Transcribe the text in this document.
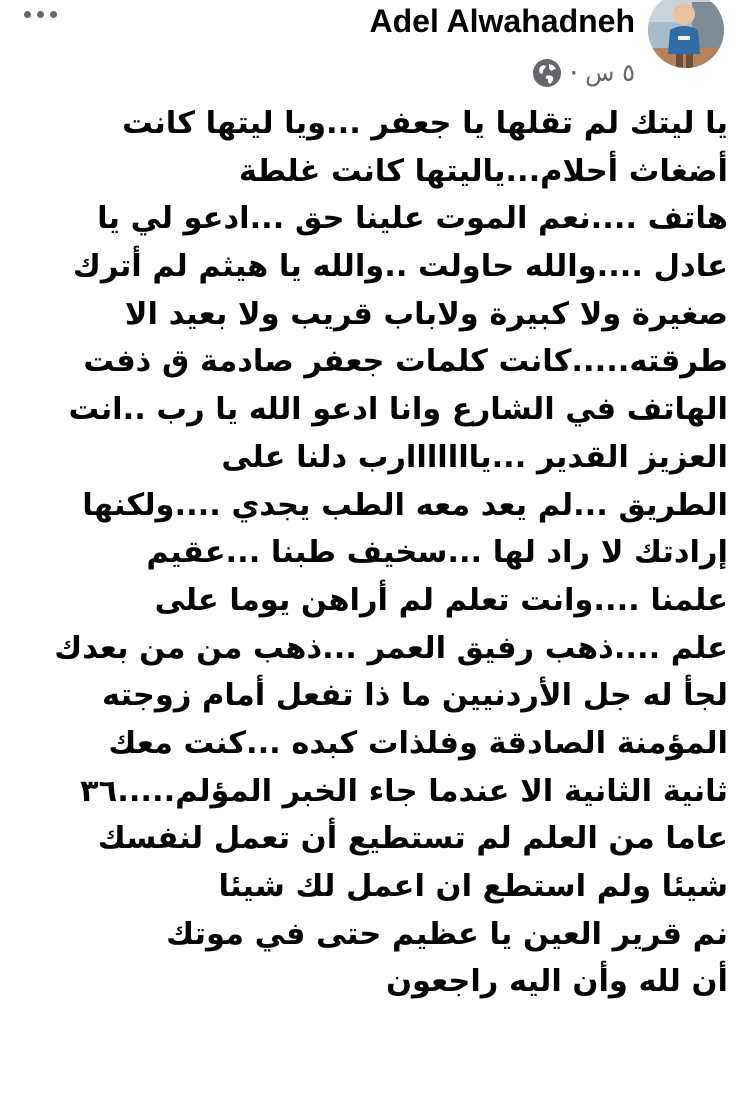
Adel Alwahadneh
٥ س
·
يا ليتك لم تقلها يا جعفر ...ويا ليتها كانت
أضغاث أحلام...ياليتها كانت غلطة
هاتف ....نعم الموت علينا حق ...ادعو لي يا
عادل ....والله حاولت ..والله يا هيثم لم أترك
صغيرة ولا كبيرة ولاباب قريب ولا بعيد الا
طرقته.....كانت كلمات جعفر صادمة ق ذفت
الهاتف في الشارع وانا ادعو الله يا رب ..انت
العزيز القدير ...يااااااارب دلنا على
الطريق ...لم يعد معه الطب يجدي ....ولكنها
إرادتك لا راد لها ...سخيف طبنا ...عقيم
علمنا ....وانت تعلم لم أراهن يوما على
علم ....ذهب رفيق العمر ...ذهب من من بعدك
لجأ له جل الأردنيين ما ذا تفعل أمام زوجته
المؤمنة الصادقة وفلذات كبده ...كنت معك
ثانية الثانية الا عندما جاء الخبر المؤلم.....٣٦
عاما من العلم لم تستطيع أن تعمل لنفسك
شيئا ولم استطع ان اعمل لك شيئا
نم قرير العين يا عظيم حتى في موتك
أن لله وأن اليه راجعون
